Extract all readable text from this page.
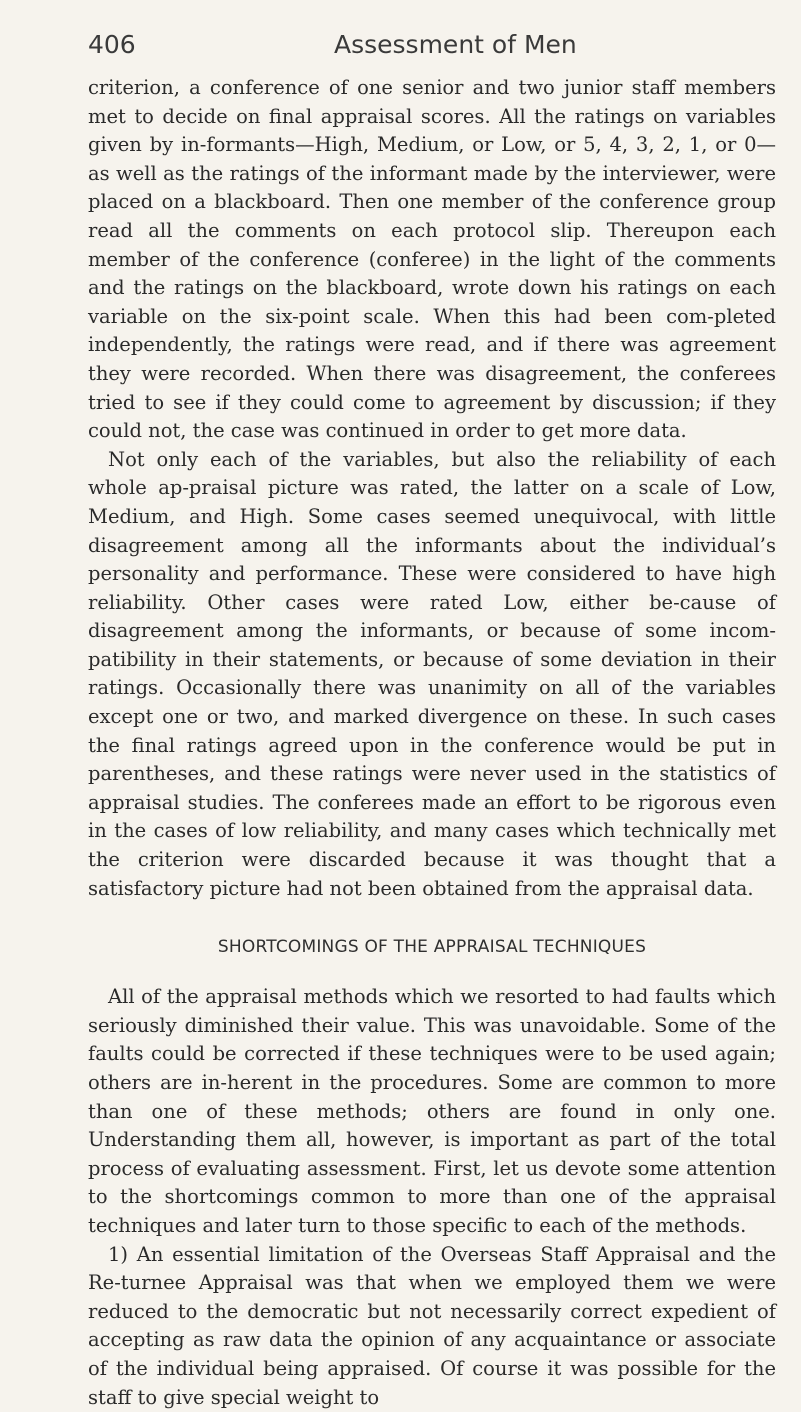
406	Assessment of Men

criterion, a conference of one senior and two junior staff members met to decide on final appraisal scores. All the ratings on variables given by in-formants—High, Medium, or Low, or 5, 4, 3, 2, 1, or 0—as well as the ratings of the informant made by the interviewer, were placed on a blackboard. Then one member of the conference group read all the comments on each protocol slip. Thereupon each member of the conference (conferee) in the light of the comments and the ratings on the blackboard, wrote down his ratings on each variable on the six-point scale. When this had been com-pleted independently, the ratings were read, and if there was agreement they were recorded. When there was disagreement, the conferees tried to see if they could come to agreement by discussion; if they could not, the case was continued in order to get more data.

Not only each of the variables, but also the reliability of each whole ap-praisal picture was rated, the latter on a scale of Low, Medium, and High. Some cases seemed unequivocal, with little disagreement among all the informants about the individual’s personality and performance. These were considered to have high reliability. Other cases were rated Low, either be-cause of disagreement among the informants, or because of some incom-patibility in their statements, or because of some deviation in their ratings. Occasionally there was unanimity on all of the variables except one or two, and marked divergence on these. In such cases the final ratings agreed upon in the conference would be put in parentheses, and these ratings were never used in the statistics of appraisal studies. The conferees made an effort to be rigorous even in the cases of low reliability, and many cases which technically met the criterion were discarded because it was thought that a satisfactory picture had not been obtained from the appraisal data.

SHORTCOMINGS OF THE APPRAISAL TECHNIQUES

All of the appraisal methods which we resorted to had faults which seriously diminished their value. This was unavoidable. Some of the faults could be corrected if these techniques were to be used again; others are in-herent in the procedures. Some are common to more than one of these methods; others are found in only one. Understanding them all, however, is important as part of the total process of evaluating assessment. First, let us devote some attention to the shortcomings common to more than one of the appraisal techniques and later turn to those specific to each of the methods.

1) An essential limitation of the Overseas Staff Appraisal and the Re-turnee Appraisal was that when we employed them we were reduced to the democratic but not necessarily correct expedient of accepting as raw data the opinion of any acquaintance or associate of the individual being appraised. Of course it was possible for the staff to give special weight to
